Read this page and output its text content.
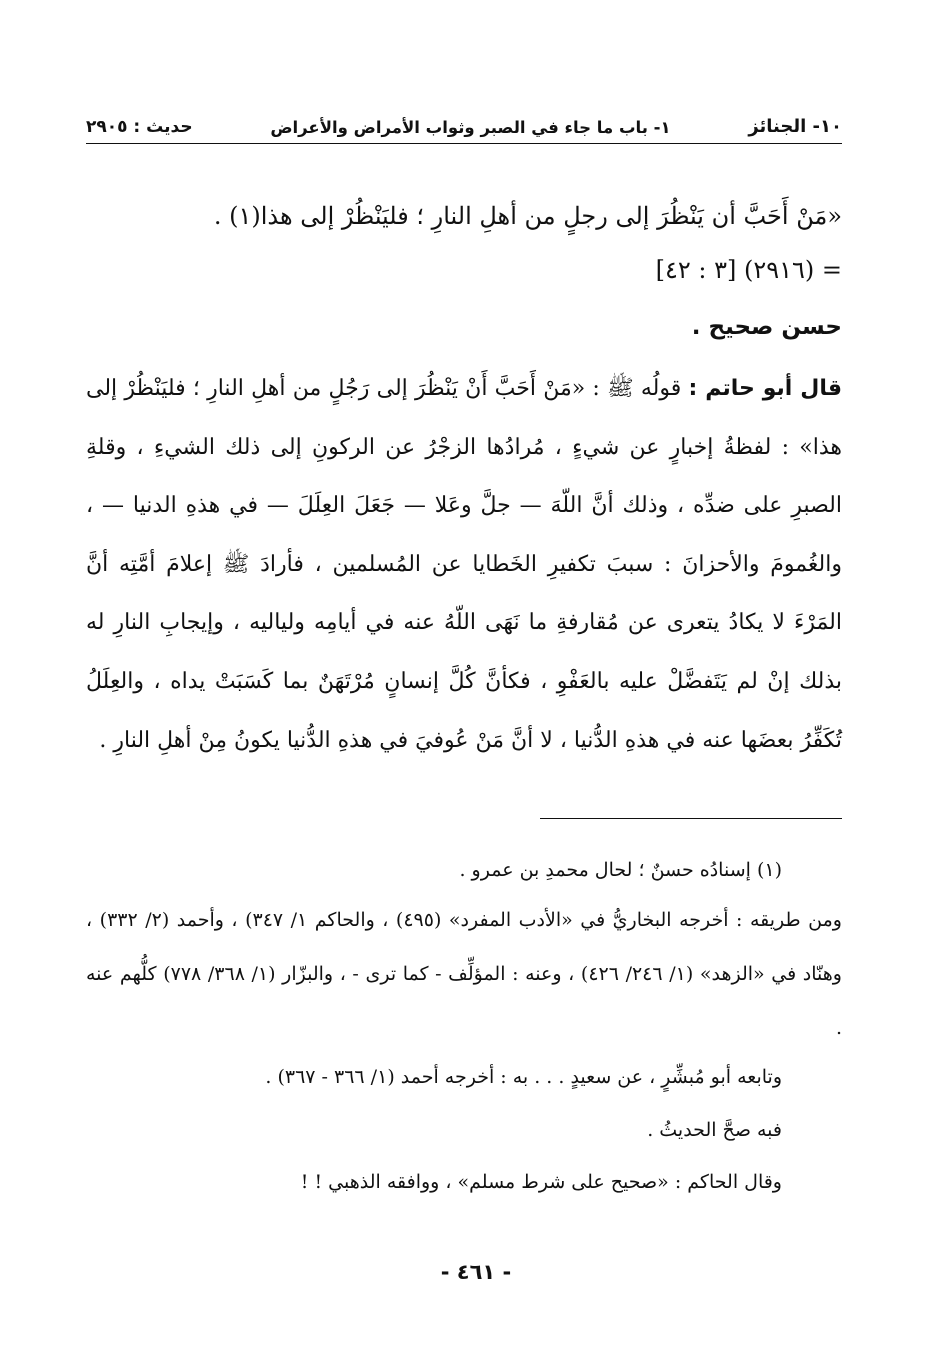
١٠- الجنائز
١- باب ما جاء في الصبر وثواب الأمراض والأعراض
حديث : ٢٩٠٥
«مَنْ أَحَبَّ أن يَنْظُرَ إلى رجلٍ من أهلِ النارِ ؛ فليَنْظُرْ إلى هذا(١) .
= (٢٩١٦) [٣ : ٤٢]
حسن صحيح .
قال أبو حاتم : قولُه ﷺ : «مَنْ أَحَبَّ أَنْ يَنْظُرَ إلى رَجُلٍ من أهلِ النارِ ؛ فليَنْظُرْ إلى هذا» : لفظةُ إخبارٍ عن شيءٍ ، مُرادُها الزجْرُ عن الركونِ إلى ذلك الشيءِ ، وقلةِ الصبرِ على ضدِّه ، وذلك أنَّ اللّهَ — جلَّ وعَلا — جَعَلَ العِلَلَ — في هذهِ الدنيا — ، والغُمومَ والأحزانَ : سببَ تكفيرِ الخَطايا عن المُسلمين ، فأرادَ ﷺ إعلامَ أمَّتِه أنَّ المَرْءَ لا يكادُ يتعرى عن مُقارفةِ ما نَهَى اللّهُ عنه في أيامِه ولياليه ، وإيجابِ النارِ له بذلك إنْ لم يَتَفضَّلْ عليه بالعَفْوِ ، فكأنَّ كُلَّ إنسانٍ مُرْتَهَنٌ بما كَسَبَتْ يداه ، والعِلَلُ تُكَفِّرُ بعضَها عنه في هذهِ الدُّنيا ، لا أنَّ مَنْ عُوفيَ في هذهِ الدُّنيا يكونُ مِنْ أهلِ النارِ .
(١) إسنادُه حسنٌ ؛ لحال محمدِ بن عمرو .
ومن طريقه : أخرجه البخاريُّ في «الأدب المفرد» (٤٩٥) ، والحاكم ١/ ٣٤٧) ، وأحمد (٢/ ٣٣٢) ، وهنّاد في «الزهد» (١/ ٢٤٦/ ٤٢٦) ، وعنه : المؤلِّف - كما ترى - ، والبزّار (١/ ٣٦٨/ ٧٧٨) كلُّهم عنه .
وتابعه أبو مُبشِّرٍ ، عن سعيدٍ . . . به : أخرجه أحمد (١/ ٣٦٦ - ٣٦٧) .
فبه صحَّ الحديثُ .
وقال الحاكم : «صحيح على شرط مسلم» ، ووافقه الذهبي ! !
- ٤٦١ -
